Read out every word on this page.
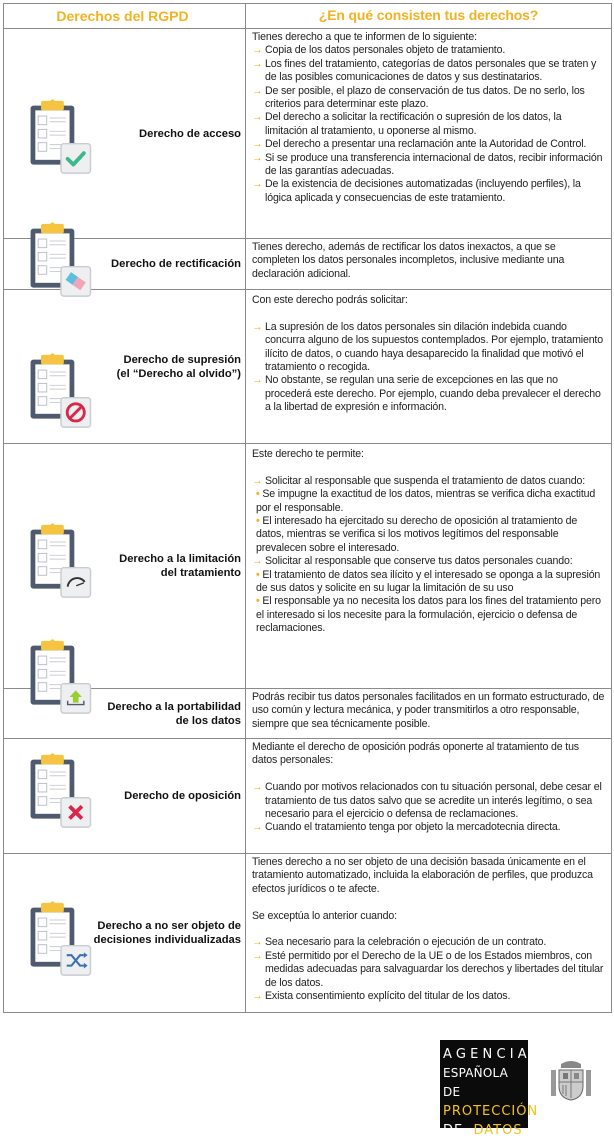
Derechos del RGPD	¿En qué consisten tus derechos?
Derecho de acceso

Tienes derecho a que te informen de lo siguiente:

→ Copia de los datos personales objeto de tratamiento.

→ Los fines del tratamiento, categorías de datos personales que se traten y de las posibles comunicaciones de datos y sus destinatarios.

→ De ser posible, el plazo de conservación de tus datos. De no serlo, los criterios para determinar este plazo.

→ Del derecho a solicitar la rectificación o supresión de los datos, la limitación al tratamiento, u oponerse al mismo.

→ Del derecho a presentar una reclamación ante la Autoridad de Control.

→ Si se produce una transferencia internacional de datos, recibir información de las garantías adecuadas.

→ De la existencia de decisiones automatizadas (incluyendo perfiles), la lógica aplicada y consecuencias de este tratamiento.

Derecho de rectificación

Tienes derecho, además de rectificar los datos inexactos, a que se completen los datos personales incompletos, inclusive mediante una declaración adicional.

Derecho de supresión
(el “Derecho al olvido”)

Con este derecho podrás solicitar:

→ La supresión de los datos personales sin dilación indebida cuando concurra alguno de los supuestos contemplados. Por ejemplo, tratamiento ilícito de datos, o cuando haya desaparecido la finalidad que motivó el tratamiento o recogida.

→ No obstante, se regulan una serie de excepciones en las que no procederá este derecho. Por ejemplo, cuando deba prevalecer el derecho a la libertad de expresión e información.

Derecho a la limitación
del tratamiento

Este derecho te permite:

→ Solicitar al responsable que suspenda el tratamiento de datos cuando:

• Se impugne la exactitud de los datos, mientras se verifica dicha exactitud por el responsable.

• El interesado ha ejercitado su derecho de oposición al tratamiento de datos, mientras se verifica si los motivos legítimos del responsable prevalecen sobre el interesado.

→ Solicitar al responsable que conserve tus datos personales cuando:

• El tratamiento de datos sea ilícito y el interesado se oponga a la supresión de sus datos y solicite en su lugar la limitación de su uso

• El responsable ya no necesita los datos para los fines del tratamiento pero el interesado si los necesite para la formulación, ejercicio o defensa de reclamaciones.

Derecho a la portabilidad
de los datos

Podrás recibir tus datos personales facilitados en un formato estructurado, de uso común y lectura mecánica, y poder transmitirlos a otro responsable, siempre que sea técnicamente posible.

Derecho de oposición

Mediante el derecho de oposición podrás oponerte al tratamiento de tus datos personales:

→ Cuando por motivos relacionados con tu situación personal, debe cesar el tratamiento de tus datos salvo que se acredite un interés legítimo, o sea necesario para el ejercicio o defensa de reclamaciones.

→ Cuando el tratamiento tenga por objeto la mercadotecnia directa.

Derecho a no ser objeto de
decisiones individualizadas

Tienes derecho a no ser objeto de una decisión basada únicamente en el tratamiento automatizado, incluida la elaboración de perfiles, que produzca efectos jurídicos o te afecte.

Se exceptúa lo anterior cuando:

→ Sea necesario para la celebración o ejecución de un contrato.

→ Esté permitido por el Derecho de la UE o de los Estados miembros, con medidas adecuadas para salvaguardar los derechos y libertades del titular de los datos.

→ Exista consentimiento explícito del titular de los datos.

AGENCIA
ESPAÑOLA DE
PROTECCIÓN
DE DATOS
